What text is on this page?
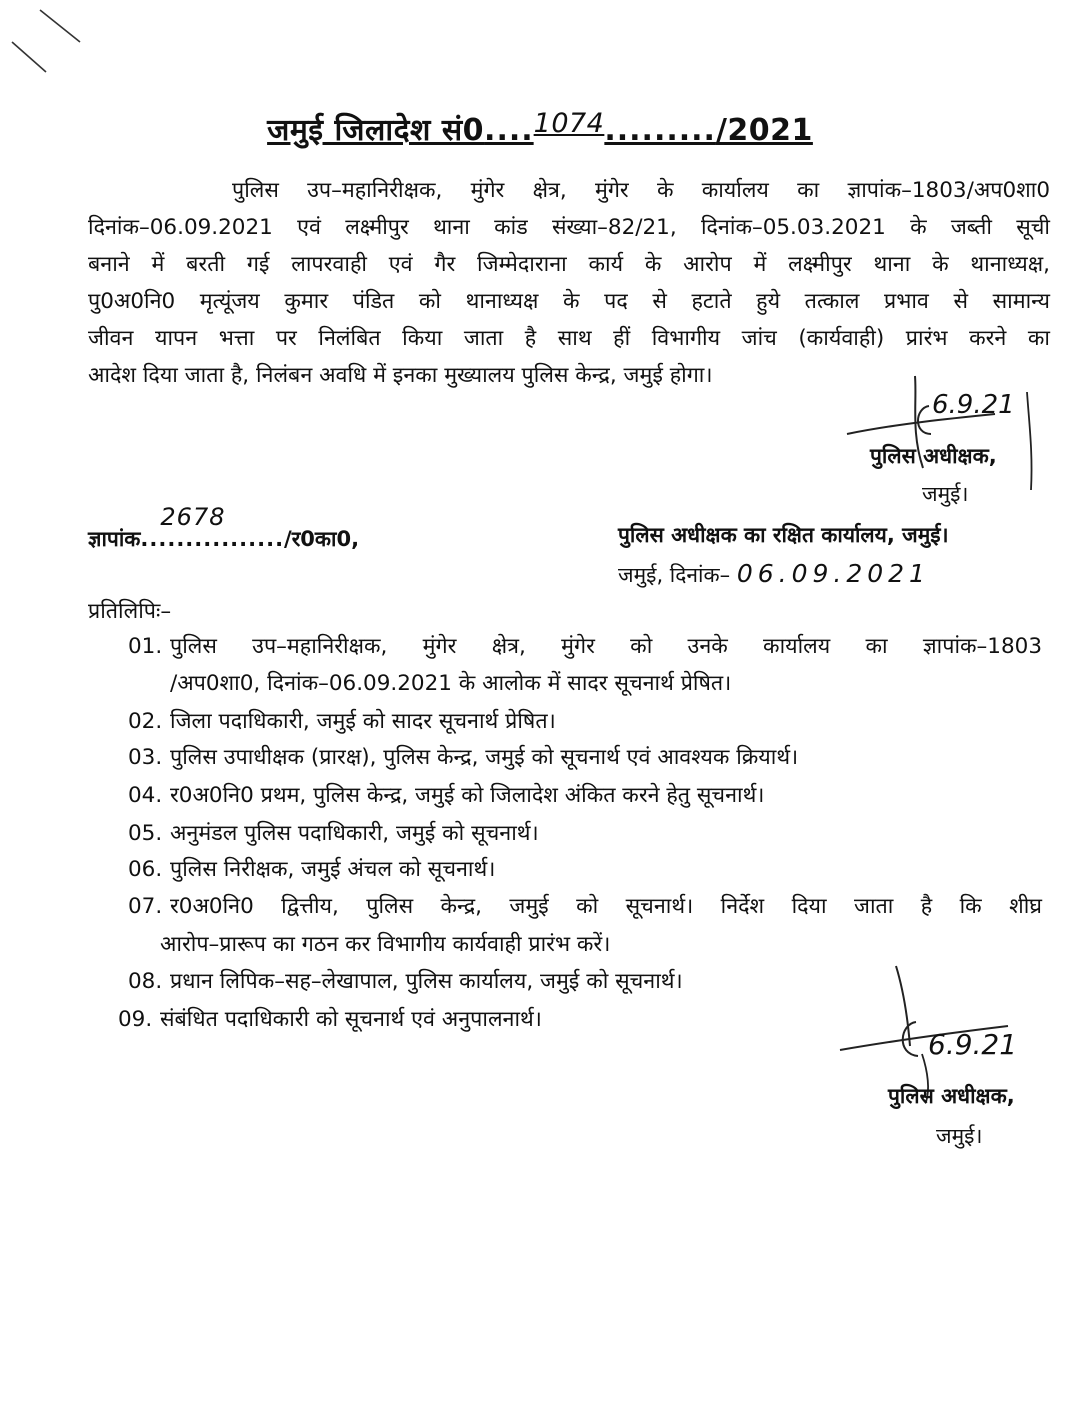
जमुई जिलादेश सं0....1074........./2021
पुलिस उप–महानिरीक्षक, मुंगेर क्षेत्र, मुंगेर के कार्यालय का ज्ञापांक–1803/अप0शा0
दिनांक–06.09.2021 एवं लक्ष्मीपुर थाना कांड संख्या–82/21, दिनांक–05.03.2021 के जब्ती सूची
बनाने में बरती गई लापरवाही एवं गैर जिम्मेदाराना कार्य के आरोप में लक्ष्मीपुर थाना के थानाध्यक्ष,
पु0अ0नि0 मृत्यूंजय कुमार पंडित को थानाध्यक्ष के पद से हटाते हुये तत्काल प्रभाव से सामान्य
जीवन यापन भत्ता पर निलंबित किया जाता है साथ हीं विभागीय जांच (कार्यवाही) प्रारंभ करने का
आदेश दिया जाता है, निलंबन अवधि में इनका मुख्यालय पुलिस केन्द्र, जमुई होगा।
6.9.21
पुलिस अधीक्षक,
जमुई।
ज्ञापांक................
2678
/र0का0,	पुलिस अधीक्षक का रक्षित कार्यालय, जमुई।
जमुई, दिनांक– 06.09.2021
प्रतिलिपिः–
01. पुलिस उप–महानिरीक्षक, मुंगेर क्षेत्र, मुंगेर को उनके कार्यालय का ज्ञापांक–1803
/अप0शा0, दिनांक–06.09.2021 के आलोक में सादर सूचनार्थ प्रेषित।
02. जिला पदाधिकारी, जमुई को सादर सूचनार्थ प्रेषित।
03. पुलिस उपाधीक्षक (प्रारक्ष), पुलिस केन्द्र, जमुई को सूचनार्थ एवं आवश्यक क्रियार्थ।
04. र0अ0नि0 प्रथम, पुलिस केन्द्र, जमुई को जिलादेश अंकित करने हेतु सूचनार्थ।
05. अनुमंडल पुलिस पदाधिकारी, जमुई को सूचनार्थ।
06. पुलिस निरीक्षक, जमुई अंचल को सूचनार्थ।
07. र0अ0नि0 द्वित्तीय, पुलिस केन्द्र, जमुई को सूचनार्थ। निर्देश दिया जाता है कि शीघ्र
आरोप–प्रारूप का गठन कर विभागीय कार्यवाही प्रारंभ करें।
08. प्रधान लिपिक–सह–लेखापाल, पुलिस कार्यालय, जमुई को सूचनार्थ।
09. संबंधित पदाधिकारी को सूचनार्थ एवं अनुपालनार्थ।
6.9.21
पुलिस अधीक्षक,
जमुई।
